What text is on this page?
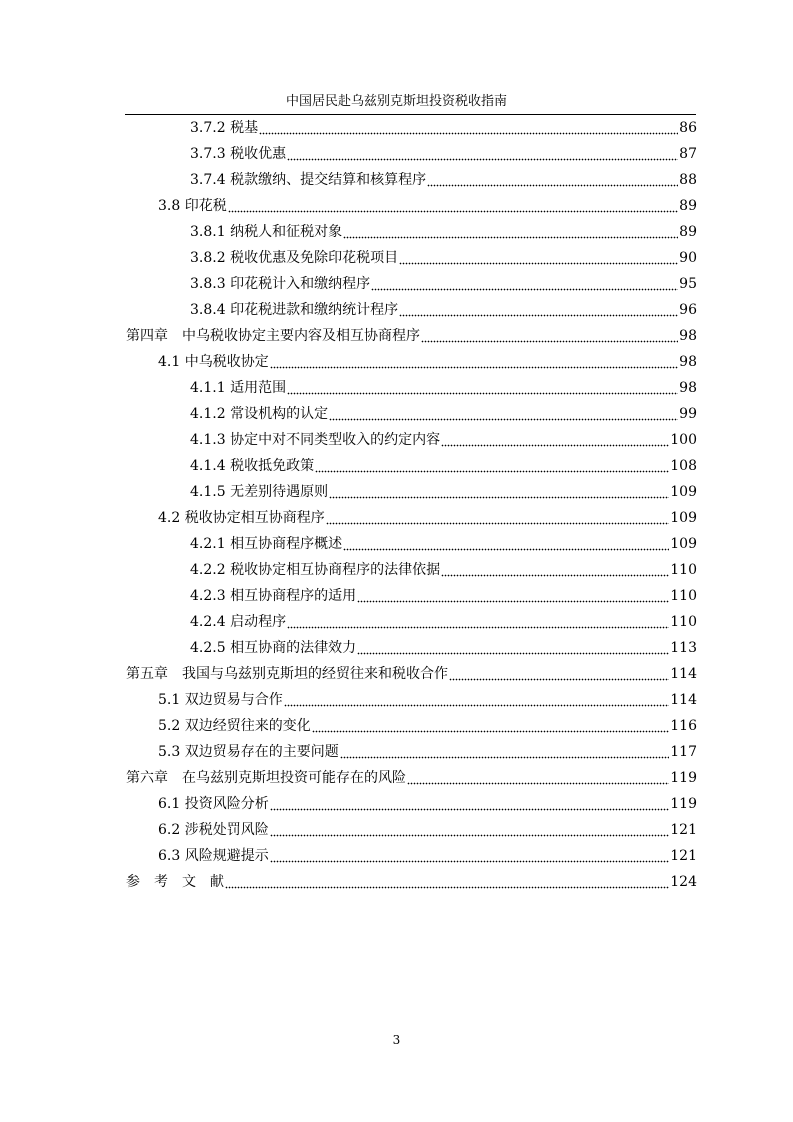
中国居民赴乌兹别克斯坦投资税收指南
3.7.2 税基	86
3.7.3 税收优惠	87
3.7.4 税款缴纳、提交结算和核算程序	88
3.8 印花税	89
3.8.1 纳税人和征税对象	89
3.8.2 税收优惠及免除印花税项目	90
3.8.3 印花税计入和缴纳程序	95
3.8.4 印花税进款和缴纳统计程序	96
第四章　中乌税收协定主要内容及相互协商程序	98
4.1 中乌税收协定	98
4.1.1 适用范围	98
4.1.2 常设机构的认定	99
4.1.3 协定中对不同类型收入的约定内容	100
4.1.4 税收抵免政策	108
4.1.5 无差别待遇原则	109
4.2 税收协定相互协商程序	109
4.2.1 相互协商程序概述	109
4.2.2 税收协定相互协商程序的法律依据	110
4.2.3 相互协商程序的适用	110
4.2.4 启动程序	110
4.2.5 相互协商的法律效力	113
第五章　我国与乌兹别克斯坦的经贸往来和税收合作	114
5.1 双边贸易与合作	114
5.2 双边经贸往来的变化	116
5.3 双边贸易存在的主要问题	117
第六章　在乌兹别克斯坦投资可能存在的风险	119
6.1 投资风险分析	119
6.2 涉税处罚风险	121
6.3 风险规避提示	121
参　考　文　献	124
3
